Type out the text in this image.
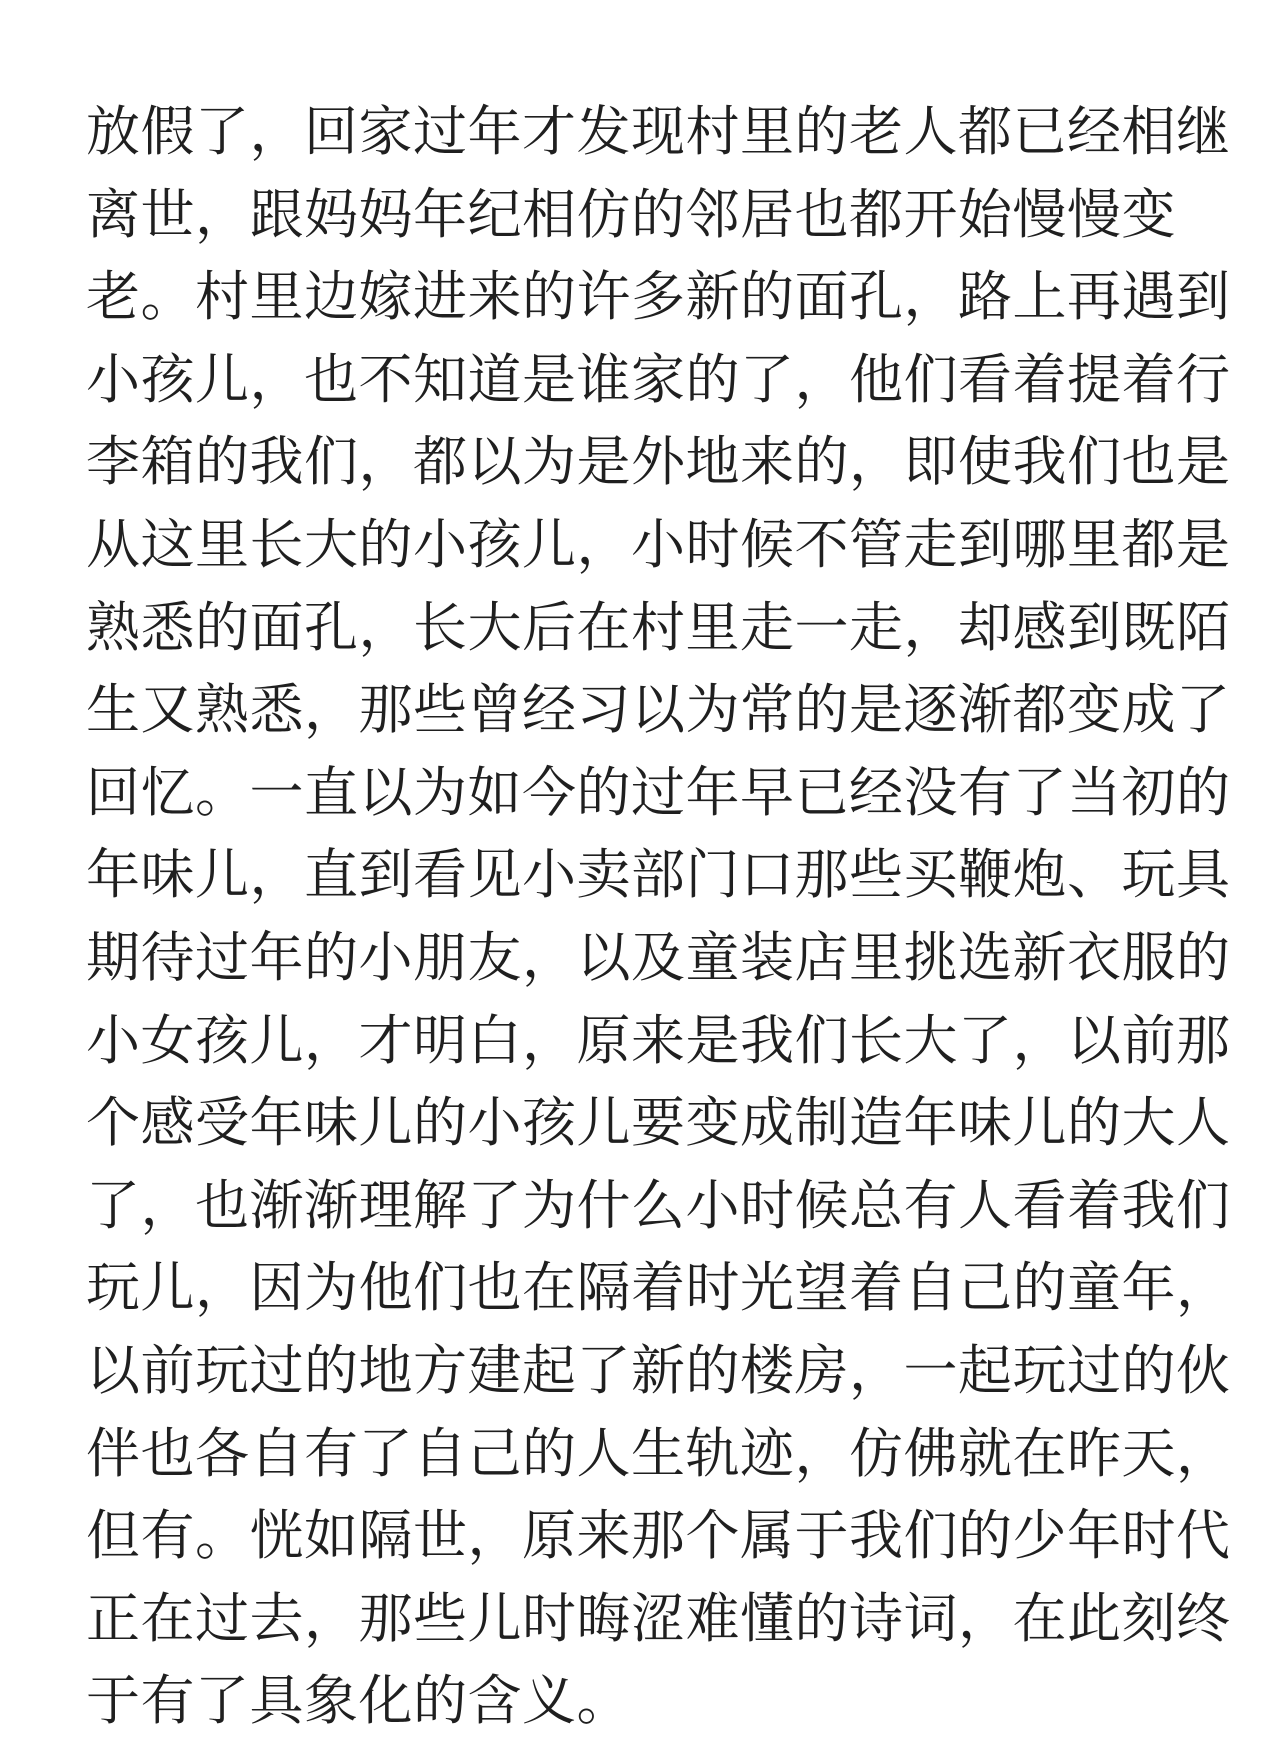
放假了，回家过年才发现村里的老人都已经相继
离世，跟妈妈年纪相仿的邻居也都开始慢慢变
老。村里边嫁进来的许多新的面孔，路上再遇到
小孩儿，也不知道是谁家的了，他们看着提着行
李箱的我们，都以为是外地来的，即使我们也是
从这里长大的小孩儿，小时候不管走到哪里都是
熟悉的面孔，长大后在村里走一走，却感到既陌
生又熟悉，那些曾经习以为常的是逐渐都变成了
回忆。一直以为如今的过年早已经没有了当初的
年味儿，直到看见小卖部门口那些买鞭炮、玩具
期待过年的小朋友，以及童装店里挑选新衣服的
小女孩儿，才明白，原来是我们长大了，以前那
个感受年味儿的小孩儿要变成制造年味儿的大人
了，也渐渐理解了为什么小时候总有人看着我们
玩儿，因为他们也在隔着时光望着自己的童年，
以前玩过的地方建起了新的楼房，一起玩过的伙
伴也各自有了自己的人生轨迹，仿佛就在昨天，
但有。恍如隔世，原来那个属于我们的少年时代
正在过去，那些儿时晦涩难懂的诗词，在此刻终
于有了具象化的含义。
